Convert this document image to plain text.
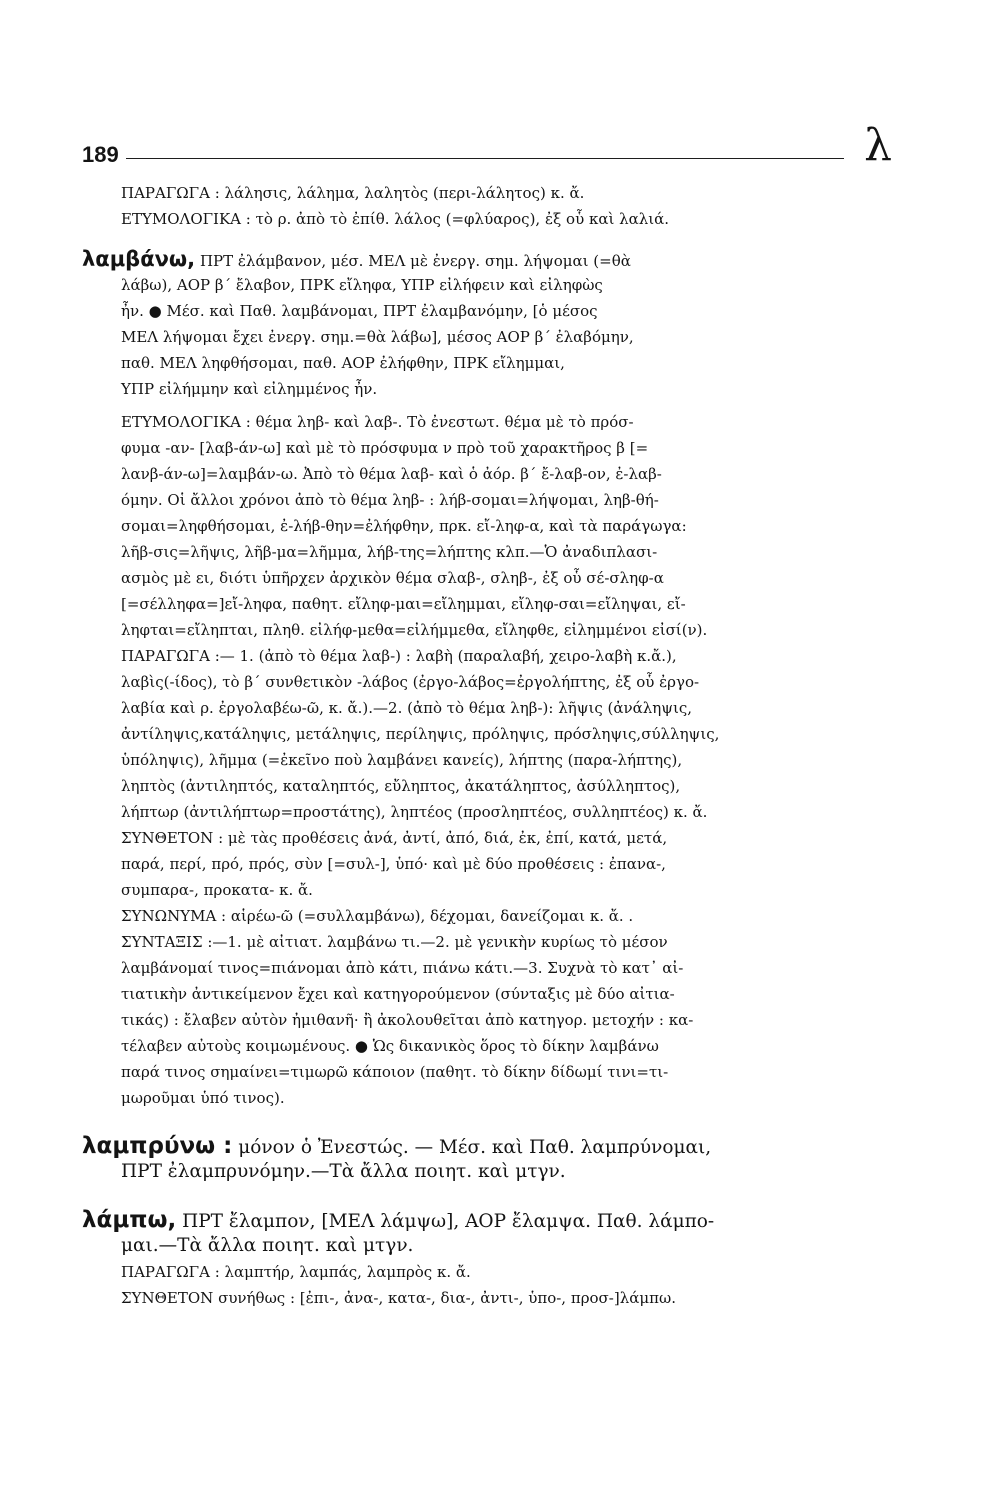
189	λ
ΠΑΡΑΓΩΓΑ : λάλησις, λάλημα, λαλητὸς (περι-λάλητος) κ. ἄ.
ΕΤΥΜΟΛΟΓΙΚΑ : τὸ ρ. ἀπὸ τὸ ἐπίθ. λάλος (=φλύαρος), ἐξ οὗ καὶ λαλιά.
λαμβάνω, ΠΡΤ ἐλάμβανον, μέσ. ΜΕΛ μὲ ἐνεργ. σημ. λήψομαι (=θὰ
λάβω), ΑΟΡ β΄ ἔλαβον, ΠΡΚ εἴληφα, ΥΠΡ εἰλήφειν καὶ εἰληφὼς
ἦν. ● Μέσ. καὶ Παθ. λαμβάνομαι, ΠΡΤ ἐλαμβανόμην, [ὁ μέσος
ΜΕΛ λήψομαι ἔχει ἐνεργ. σημ.=θὰ λάβω], μέσος ΑΟΡ β΄ ἐλαβόμην,
παθ. ΜΕΛ ληφθήσομαι, παθ. ΑΟΡ ἐλήφθην, ΠΡΚ εἴλημμαι,
ΥΠΡ εἰλήμμην καὶ εἰλημμένος ἦν.
ΕΤΥΜΟΛΟΓΙΚΑ : θέμα ληβ- καὶ λαβ-. Τὸ ἐνεστωτ. θέμα μὲ τὸ πρόσ-
φυμα -αν- [λαβ-άν-ω] καὶ μὲ τὸ πρόσφυμα ν πρὸ τοῦ χαρακτῆρος β [=
λανβ-άν-ω]=λαμβάν-ω. Ἀπὸ τὸ θέμα λαβ- καὶ ὁ ἀόρ. β΄ ἔ-λαβ-ον, ἐ-λαβ-
όμην. Οἱ ἄλλοι χρόνοι ἀπὸ τὸ θέμα ληβ- : λήβ-σομαι=λήψομαι, ληβ-θή-
σομαι=ληφθήσομαι, ἐ-λήβ-θην=ἐλήφθην, πρκ. εἴ-ληφ-α, καὶ τὰ παράγωγα:
λῆβ-σις=λῆψις, λῆβ-μα=λῆμμα, λήβ-της=λήπτης κλπ.—Ὁ ἀναδιπλασι-
ασμὸς μὲ ει, διότι ὑπῆρχεν ἀρχικὸν θέμα σλαβ-, σληβ-, ἐξ οὗ σέ-σληφ-α
[=σέλληφα=]εἴ-ληφα, παθητ. εἴληφ-μαι=εἴλημμαι, εἴληφ-σαι=εἴληψαι, εἴ-
ληφται=εἴληπται, πληθ. εἰλήφ-μεθα=εἰλήμμεθα, εἴληφθε, εἰλημμένοι εἰσί(ν).
ΠΑΡΑΓΩΓΑ :— 1. (ἀπὸ τὸ θέμα λαβ-) : λαβὴ (παραλαβή, χειρο-λαβὴ κ.ἄ.),
λαβὶς(-ίδος), τὸ β΄ συνθετικὸν -λάβος (ἐργο-λάβος=ἐργολήπτης, ἐξ οὗ ἐργο-
λαβία καὶ ρ. ἐργολαβέω-ῶ, κ. ἄ.).—2. (ἀπὸ τὸ θέμα ληβ-): λῆψις (ἀνάληψις,
ἀντίληψις,κατάληψις, μετάληψις, περίληψις, πρόληψις, πρόσληψις,σύλληψις,
ὑπόληψις), λῆμμα (=ἐκεῖνο ποὺ λαμβάνει κανείς), λήπτης (παρα-λήπτης),
ληπτὸς (ἀντιληπτός, καταληπτός, εὔληπτος, ἀκατάληπτος, ἀσύλληπτος),
λήπτωρ (ἀντιλήπτωρ=προστάτης), ληπτέος (προσληπτέος, συλληπτέος) κ. ἄ.
ΣΥΝΘΕΤΟΝ : μὲ τὰς προθέσεις ἀνά, ἀντί, ἀπό, διά, ἐκ, ἐπί, κατά, μετά,
παρά, περί, πρό, πρός, σὺν [=συλ-], ὑπό· καὶ μὲ δύο προθέσεις : ἐπανα-,
συμπαρα-, προκατα- κ. ἄ.
ΣΥΝΩΝΥΜΑ : αἱρέω-ῶ (=συλλαμβάνω), δέχομαι, δανείζομαι κ. ἄ. .
ΣΥΝΤΑΞΙΣ :—1. μὲ αἰτιατ. λαμβάνω τι.—2. μὲ γενικὴν κυρίως τὸ μέσον
λαμβάνομαί τινος=πιάνομαι ἀπὸ κάτι, πιάνω κάτι.—3. Συχνὰ τὸ κατ᾽ αἰ-
τιατικὴν ἀντικείμενον ἔχει καὶ κατηγορούμενον (σύνταξις μὲ δύο αἰτια-
τικάς) : ἔλαβεν αὐτὸν ἠμιθανῆ· ἢ ἀκολουθεῖται ἀπὸ κατηγορ. μετοχήν : κα-
τέλαβεν αὐτοὺς κοιμωμένους. ● Ὡς δικανικὸς ὅρος τὸ δίκην λαμβάνω
παρά τινος σημαίνει=τιμωρῶ κάποιον (παθητ. τὸ δίκην δίδωμί τινι=τι-
μωροῦμαι ὑπό τινος).
λαμπρύνω : μόνον ὁ Ἐνεστώς. — Μέσ. καὶ Παθ. λαμπρύνομαι,
ΠΡΤ ἐλαμπρυνόμην.—Τὰ ἄλλα ποιητ. καὶ μτγν.
λάμπω, ΠΡΤ ἔλαμπον, [ΜΕΛ λάμψω], ΑΟΡ ἔλαμψα. Παθ. λάμπο-
μαι.—Τὰ ἄλλα ποιητ. καὶ μτγν.
ΠΑΡΑΓΩΓΑ : λαμπτήρ, λαμπάς, λαμπρὸς κ. ἄ.
ΣΥΝΘΕΤΟΝ συνήθως : [ἐπι-, ἀνα-, κατα-, δια-, ἀντι-, ὑπο-, προσ-]λάμπω.
